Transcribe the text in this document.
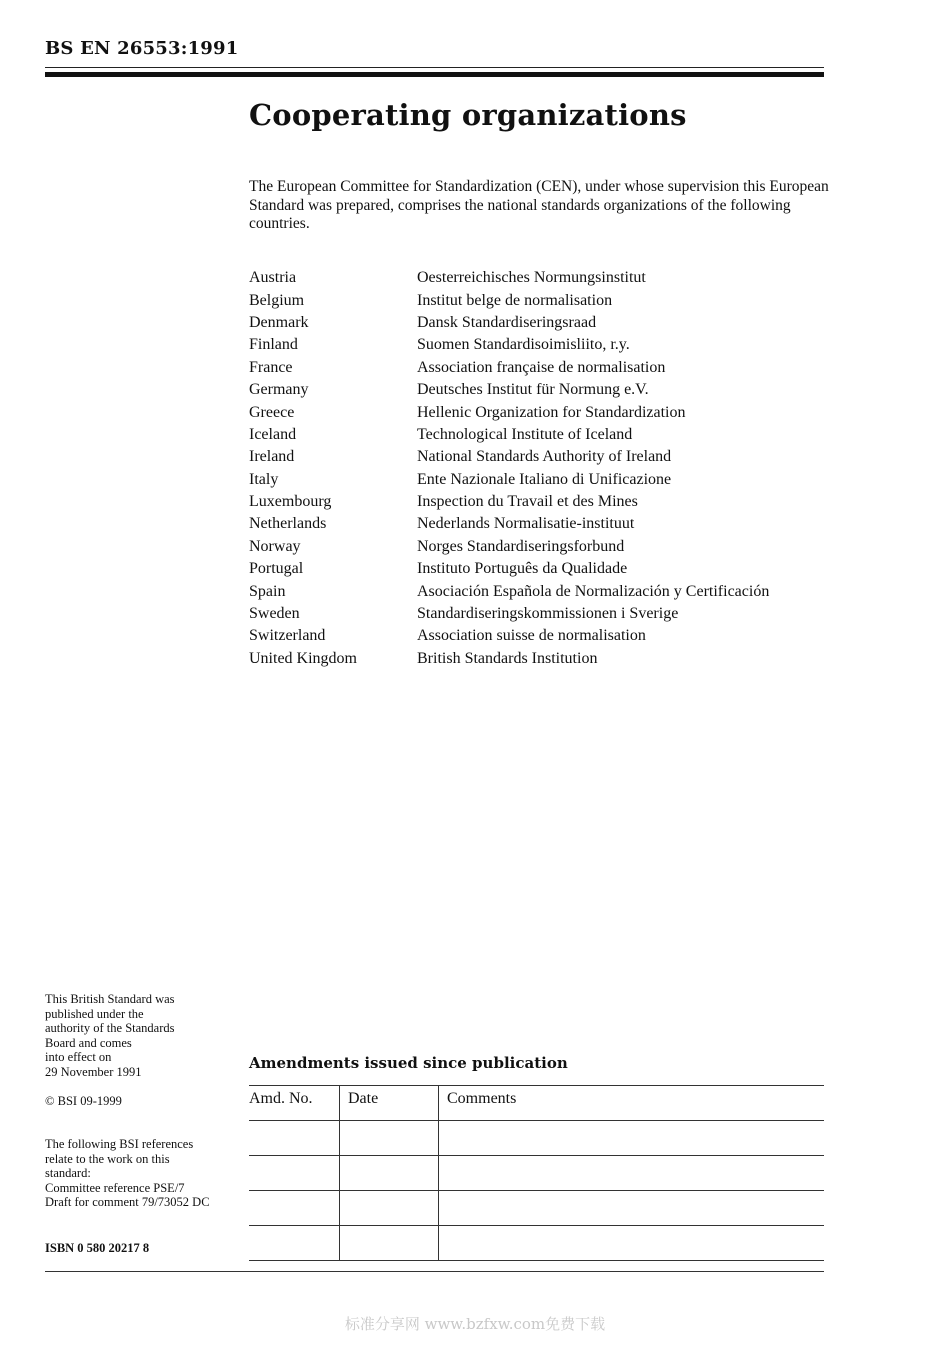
BS EN 26553:1991
Cooperating organizations

The European Committee for Standardization (CEN), under whose supervision this European Standard was prepared, comprises the national standards organizations of the following countries.

Austria	Oesterreichisches Normungsinstitut
Belgium	Institut belge de normalisation
Denmark	Dansk Standardiseringsraad
Finland	Suomen Standardisoimisliito, r.y.
France	Association française de normalisation
Germany	Deutsches Institut für Normung e.V.
Greece	Hellenic Organization for Standardization
Iceland	Technological Institute of Iceland
Ireland	National Standards Authority of Ireland
Italy	Ente Nazionale Italiano di Unificazione
Luxembourg	Inspection du Travail et des Mines
Netherlands	Nederlands Normalisatie-instituut
Norway	Norges Standardiseringsforbund
Portugal	Instituto Português da Qualidade
Spain	Asociación Española de Normalización y Certificación
Sweden	Standardiseringskommissionen i Sverige
Switzerland	Association suisse de normalisation
United Kingdom	British Standards Institution
This British Standard was
published under the
authority of the Standards
Board and comes
into effect on
29 November 1991
© BSI 09-1999
The following BSI references
relate to the work on this
standard:
Committee reference PSE/7
Draft for comment 79/73052 DC
ISBN 0 580 20217 8
Amendments issued since publication
Amd. No.	Date	Comments

标准分享网 www.bzfxw.com免费下载
